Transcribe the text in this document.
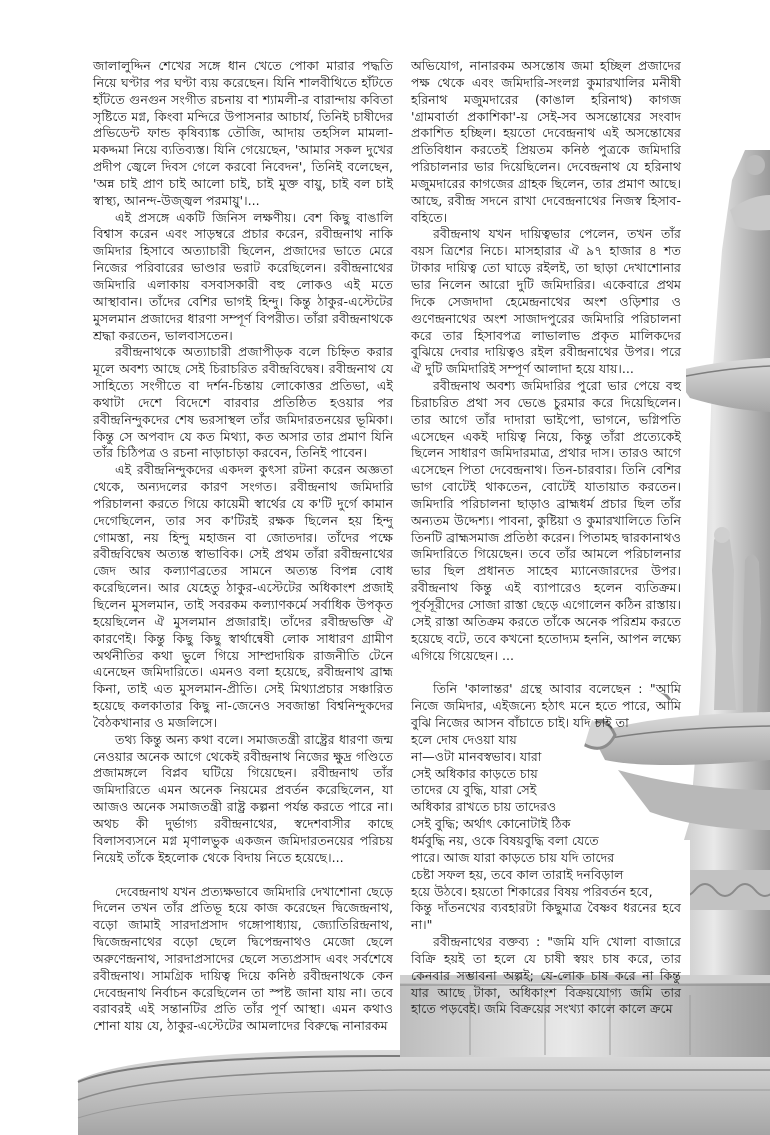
জালালুদ্দিন শেখের সঙ্গে ধান খেতে পোকা মারার পদ্ধতি নিয়ে ঘণ্টার পর ঘণ্টা ব্যয় করেছেন। যিনি শালবীথিতে হাঁটতে হাঁটতে গুনগুন সংগীত রচনায় বা শ্যামলী-র বারান্দায় কবিতা সৃষ্টিতে মগ্ন, কিংবা মন্দিরে উপাসনার আচার্য, তিনিই চাষীদের প্রভিডেন্ট ফান্ড কৃষিব্যাঙ্ক তৌজি, আদায় তহসিল মামলা-মকদ্দমা নিয়ে ব্যতিব্যস্ত। যিনি গেয়েছেন, 'আমার সকল দুখের প্রদীপ জ্বেলে দিবস গেলে করবো নিবেদন', তিনিই বলেছেন, 'অন্ন চাই প্রাণ চাই আলো চাই, চাই মুক্ত বায়ু, চাই বল চাই স্বাস্থ্য, আনন্দ-উজ্জ্বল পরমায়ু'।...

এই প্রসঙ্গে একটি জিনিস লক্ষণীয়। বেশ কিছু বাঙালি বিশ্বাস করেন এবং সাড়ম্বরে প্রচার করেন, রবীন্দ্রনাথ নাকি জমিদার হিসাবে অত্যাচারী ছিলেন, প্রজাদের ভাতে মেরে নিজের পরিবারের ভাণ্ডার ভরাট করেছিলেন। রবীন্দ্রনাথের জমিদারি এলাকায় বসবাসকারী বহু লোকও এই মতে আস্থাবান। তাঁদের বেশির ভাগই হিন্দু। কিন্তু ঠাকুর-এস্টেটের মুসলমান প্রজাদের ধারণা সম্পূর্ণ বিপরীত। তাঁরা রবীন্দ্রনাথকে শ্রদ্ধা করতেন, ভালবাসতেন।

রবীন্দ্রনাথকে অত্যাচারী প্রজাপীড়ক বলে চিহ্নিত করার মূলে অবশ্য আছে সেই চিরাচরিত রবীন্দ্রবিদ্বেষ। রবীন্দ্রনাথ যে সাহিত্যে সংগীতে বা দর্শন-চিন্তায় লোকোত্তর প্রতিভা, এই কথাটা দেশে বিদেশে বারবার প্রতিষ্ঠিত হওয়ার পর রবীন্দ্রনিন্দুকদের শেষ ভরসাস্থল তাঁর জমিদারতনয়ের ভূমিকা। কিন্তু সে অপবাদ যে কত মিথ্যা, কত অসার তার প্রমাণ যিনি তাঁর চিঠিপত্র ও রচনা নাড়াচাড়া করবেন, তিনিই পাবেন।

এই রবীন্দ্রনিন্দুকদের একদল কুৎসা রটনা করেন অজ্ঞতা থেকে, অন্যদলের কারণ সংগত। রবীন্দ্রনাথ জমিদারি পরিচালনা করতে গিয়ে কায়েমী স্বার্থের যে ক'টি দুর্গে কামান দেগেছিলেন, তার সব ক'টিরই রক্ষক ছিলেন হয় হিন্দু গোমস্তা, নয় হিন্দু মহাজন বা জোতদার। তাঁদের পক্ষে রবীন্দ্রবিদ্বেষ অত্যন্ত স্বাভাবিক। সেই প্রথম তাঁরা রবীন্দ্রনাথের জেদ আর কল্যাণব্রতের সামনে অত্যন্ত বিপন্ন বোধ করেছিলেন। আর যেহেতু ঠাকুর-এস্টেটের অধিকাংশ প্রজাই ছিলেন মুসলমান, তাই সবরকম কল্যাণকর্মে সর্বাধিক উপকৃত হয়েছিলেন ঐ মুসলমান প্রজারাই। তাঁদের রবীন্দ্রভক্তি ঐ কারণেই। কিন্তু কিছু কিছু স্বার্থান্বেষী লোক সাধারণ গ্রামীণ অর্থনীতির কথা ভুলে গিয়ে সাম্প্রদায়িক রাজনীতি টেনে এনেছেন জমিদারিতে। এমনও বলা হয়েছে, রবীন্দ্রনাথ ব্রাহ্ম কিনা, তাই এত মুসলমান-প্রীতি। সেই মিথ্যাপ্রচার সঞ্চারিত হয়েছে কলকাতার কিছু না-জেনেও সবজান্তা বিশ্বনিন্দুকদের বৈঠকখানার ও মজলিসে।

তথ্য কিন্তু অন্য কথা বলে। সমাজতন্ত্রী রাষ্ট্রের ধারণা জন্ম নেওয়ার অনেক আগে থেকেই রবীন্দ্রনাথ নিজের ক্ষুদ্র গণ্ডিতে প্রজামঙ্গলে বিপ্লব ঘটিয়ে গিয়েছেন। রবীন্দ্রনাথ তাঁর জমিদারিতে এমন অনেক নিয়মের প্রবর্তন করেছিলেন, যা আজও অনেক সমাজতন্ত্রী রাষ্ট্র কল্পনা পর্যন্ত করতে পারে না। অথচ কী দুর্ভাগ্য রবীন্দ্রনাথের, স্বদেশবাসীর কাছে বিলাসব্যসনে মগ্ন মৃণালভুক একজন জমিদারতনয়ের পরিচয় নিয়েই তাঁকে ইহলোক থেকে বিদায় নিতে হয়েছে।...

দেবেন্দ্রনাথ যখন প্রত্যক্ষভাবে জমিদারি দেখাশোনা ছেড়ে দিলেন তখন তাঁর প্রতিভূ হয়ে কাজ করেছেন দ্বিজেন্দ্রনাথ, বড়ো জামাই সারদাপ্রসাদ গঙ্গোপাধ্যায়, জ্যোতিরিন্দ্রনাথ, দ্বিজেন্দ্রনাথের বড়ো ছেলে দ্বিপেন্দ্রনাথও মেজো ছেলে অরুণেন্দ্রনাথ, সারদাপ্রসাদের ছেলে সত্যপ্রসাদ এবং সর্বশেষে রবীন্দ্রনাথ। সামগ্রিক দায়িত্ব দিয়ে কনিষ্ঠ রবীন্দ্রনাথকে কেন দেবেন্দ্রনাথ নির্বাচন করেছিলেন তা স্পষ্ট জানা যায় না। তবে বরাবরই এই সন্তানটির প্রতি তাঁর পূর্ণ আস্থা। এমন কথাও শোনা যায় যে, ঠাকুর-এস্টেটের আমলাদের বিরুদ্ধে নানারকম

অভিযোগ, নানারকম অসন্তোষ জমা হচ্ছিল প্রজাদের পক্ষ থেকে এবং জমিদারি-সংলগ্ন কুমারখালির মনীষী হরিনাথ মজুমদারের (কাঙাল হরিনাথ) কাগজ 'গ্রামবার্তা প্রকাশিকা'-য় সেই-সব অসন্তোষের সংবাদ প্রকাশিত হচ্ছিল। হয়তো দেবেন্দ্রনাথ এই অসন্তোষের প্রতিবিধান করতেই প্রিয়তম কনিষ্ঠ পুত্রকে জমিদারি পরিচালনার ভার দিয়েছিলেন। দেবেন্দ্রনাথ যে হরিনাথ মজুমদারের কাগজের গ্রাহক ছিলেন, তার প্রমাণ আছে। আছে, রবীন্দ্র সদনে রাখা দেবেন্দ্রনাথের নিজস্ব হিসাব-বহিতে।

রবীন্দ্রনাথ যখন দায়িত্বভার পেলেন, তখন তাঁর বয়স ত্রিশের নিচে। মাসহারার ঐ ৯৭ হাজার ৪ শত টাকার দায়িত্ব তো ঘাড়ে রইলই, তা ছাড়া দেখাশোনার ভার নিলেন আরো দুটি জমিদারির। একেবারে প্রথম দিকে সেজদাদা হেমেন্দ্রনাথের অংশ ওড়িশার ও গুণেন্দ্রনাথের অংশ সাজাদপুরের জমিদারি পরিচালনা করে তার হিসাবপত্র লাভালাভ প্রকৃত মালিকদের বুঝিয়ে দেবার দায়িত্বও রইল রবীন্দ্রনাথের উপর। পরে ঐ দুটি জমিদারিই সম্পূর্ণ আলাদা হয়ে যায়।...

রবীন্দ্রনাথ অবশ্য জমিদারির পুরো ভার পেয়ে বহু চিরাচরিত প্রথা সব ভেঙে চুরমার করে দিয়েছিলেন। তার আগে তাঁর দাদারা ভাইপো, ভাগনে, ভগ্নিপতি এসেছেন একই দায়িত্ব নিয়ে, কিন্তু তাঁরা প্রত্যেকেই ছিলেন সাধারণ জমিদারমাত্র, প্রথার দাস। তারও আগে এসেছেন পিতা দেবেন্দ্রনাথ। তিন-চারবার। তিনি বেশির ভাগ বোটেই থাকতেন, বোটেই যাতায়াত করতেন। জমিদারি পরিচালনা ছাড়াও ব্রাহ্মধর্ম প্রচার ছিল তাঁর অন্যতম উদ্দেশ্য। পাবনা, কুষ্টিয়া ও কুমারখালিতে তিনি তিনটি ব্রাহ্মসমাজ প্রতিষ্ঠা করেন। পিতামহ দ্বারকানাথও জমিদারিতে গিয়েছেন। তবে তাঁর আমলে পরিচালনার ভার ছিল প্রধানত সাহেব ম্যানেজারদের উপর। রবীন্দ্রনাথ কিন্তু এই ব্যাপারেও হলেন ব্যতিক্রম। পূর্বসূরীদের সোজা রাস্তা ছেড়ে এগোলেন কঠিন রাস্তায়। সেই রাস্তা অতিক্রম করতে তাঁকে অনেক পরিশ্রম করতে হয়েছে বটে, তবে কখনো হতোদ্যম হননি, আপন লক্ষ্যে এগিয়ে গিয়েছেন। ...

তিনি 'কালান্তর' গ্রন্থে আবার বলেছেন : "আমি নিজে জমিদার, এইজন্যে হঠাৎ মনে হতে পারে, আমি বুঝি নিজের আসন বাঁচাতে চাই। যদি চাই তা

হলে দোষ দেওয়া যায়

না—ওটা মানবস্বভাব। যারা

সেই অধিকার কাড়তে চায়

তাদের যে বুদ্ধি, যারা সেই

অধিকার রাখতে চায় তাদেরও

সেই বুদ্ধি; অর্থাৎ কোনোটাই ঠিক

ধর্মবুদ্ধি নয়, ওকে বিষয়বুদ্ধি বলা যেতে

পারে। আজ যারা কাড়তে চায় যদি তাদের

চেষ্টা সফল হয়, তবে কাল তারাই দনবিড়াল

হয়ে উঠবে। হয়তো শিকারের বিষয় পরিবর্তন হবে,

কিন্তু দাঁতনখের ব্যবহারটা কিছুমাত্র বৈষ্ণব ধরনের হবে না।"

রবীন্দ্রনাথের বক্তব্য : "জমি যদি খোলা বাজারে বিক্রি হয়ই তা হলে যে চাষী স্বয়ং চাষ করে, তার কেনবার সম্ভাবনা অল্পই; যে-লোক চাষ করে না কিন্তু যার আছে টাকা, অধিকাংশ বিক্রয়যোগ্য জমি তার হাতে পড়বেই। জমি বিক্রয়ের সংখ্যা কালে কালে ক্রমে
